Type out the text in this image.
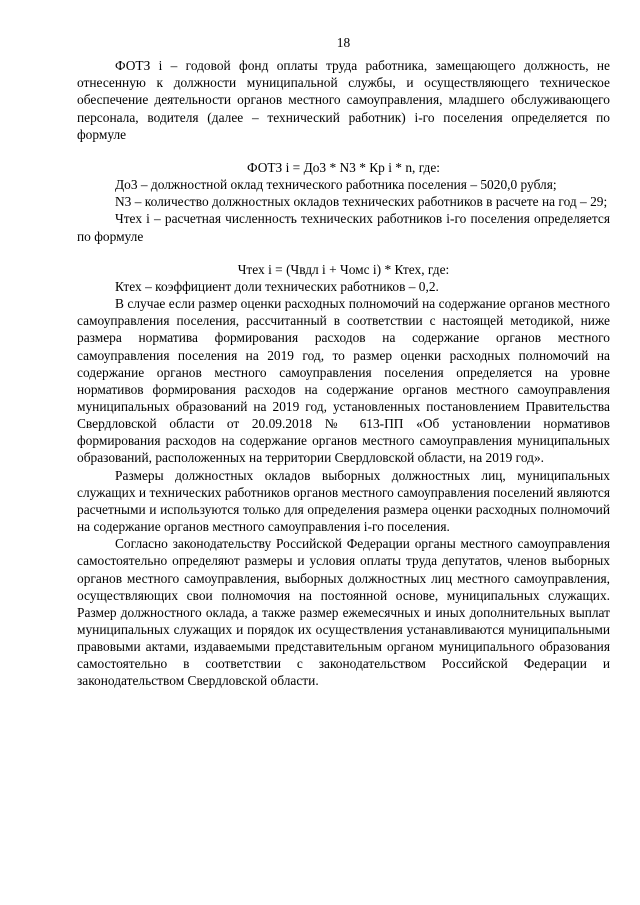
18

ФОТЗ i – годовой фонд оплаты труда работника, замещающего должность, не отнесенную к должности муниципальной службы, и осуществляющего техническое обеспечение деятельности органов местного самоуправления, младшего обслуживающего персонала, водителя (далее – технический работник) i-го поселения определяется по формуле

ФОТЗ i = До3 * N3 * Кр i * n, где:

До3 – должностной оклад технического работника поселения – 5020,0 рубля;

N3 – количество должностных окладов технических работников в расчете на год – 29;

Чтех i – расчетная численность технических работников i-го поселения определяется по формуле

Чтех i = (Чвдл i + Чомс i) * Ктех, где:

Ктех – коэффициент доли технических работников – 0,2.

В случае если размер оценки расходных полномочий на содержание органов местного самоуправления поселения, рассчитанный в соответствии с настоящей методикой, ниже размера норматива формирования расходов на содержание органов местного самоуправления поселения на 2019 год, то размер оценки расходных полномочий на содержание органов местного самоуправления поселения определяется на уровне нормативов формирования расходов на содержание органов местного самоуправления муниципальных образований на 2019 год, установленных постановлением Правительства Свердловской области от 20.09.2018 № 613-ПП «Об установлении нормативов формирования расходов на содержание органов местного самоуправления муниципальных образований, расположенных на территории Свердловской области, на 2019 год».

Размеры должностных окладов выборных должностных лиц, муниципальных служащих и технических работников органов местного самоуправления поселений являются расчетными и используются только для определения размера оценки расходных полномочий на содержание органов местного самоуправления i-го поселения.

Согласно законодательству Российской Федерации органы местного самоуправления самостоятельно определяют размеры и условия оплаты труда депутатов, членов выборных органов местного самоуправления, выборных должностных лиц местного самоуправления, осуществляющих свои полномочия на постоянной основе, муниципальных служащих. Размер должностного оклада, а также размер ежемесячных и иных дополнительных выплат муниципальных служащих и порядок их осуществления устанавливаются муниципальными правовыми актами, издаваемыми представительным органом муниципального образования самостоятельно в соответствии с законодательством Российской Федерации и законодательством Свердловской области.
